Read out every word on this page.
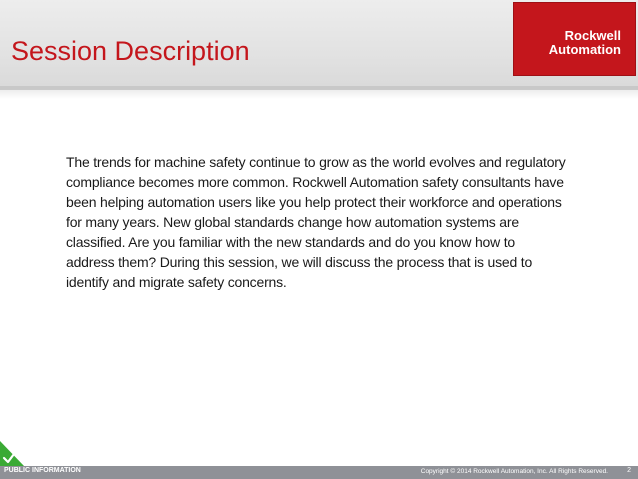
Session Description
Rockwell
Automation

The trends for machine safety continue to grow as the world evolves and regulatory compliance becomes more common. Rockwell Automation safety consultants have been helping automation users like you help protect their workforce and operations for many years. New global standards change how automation systems are classified. Are you familiar with the new standards and do you know how to address them? During this session, we will discuss the process that is used to identify and migrate safety concerns.

PUBLIC INFORMATION	Copyright © 2014 Rockwell Automation, Inc. All Rights Reserved.	2
